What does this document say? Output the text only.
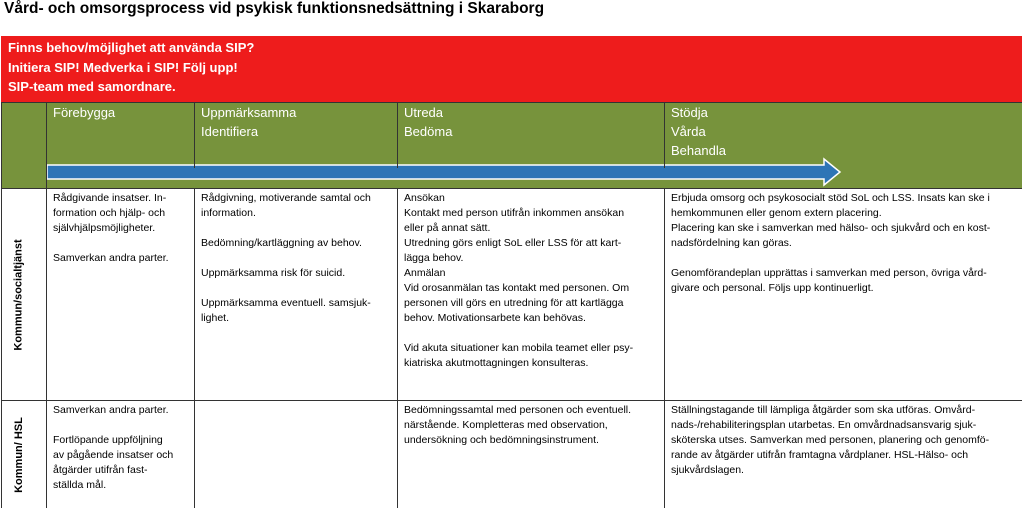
Vård- och omsorgsprocess vid psykisk funktionsnedsättning i Skaraborg
Finns behov/möjlighet att använda SIP?
Initiera SIP! Medverka i SIP! Följ upp!
SIP-team med samordnare.
Förebygga	Uppmärksamma
Identifiera
Utreda
Bedöma
Stödja
Vårda
Behandla
Kommun/socialtjänst
Kommun/ HSL
Rådgivande insatser. In-
formation och hjälp- och
självhjälpsmöjligheter.
Samverkan andra parter.
Rådgivning, motiverande samtal och
information.
Bedömning/kartläggning av behov.
Uppmärksamma risk för suicid.
Uppmärksamma eventuell. samsjuk-
lighet.
Ansökan
Kontakt med person utifrån inkommen ansökan
eller på annat sätt.
Utredning görs enligt SoL eller LSS för att kart-
lägga behov.
Anmälan
Vid orosanmälan tas kontakt med personen. Om
personen vill görs en utredning för att kartlägga
behov. Motivationsarbete kan behövas.
Vid akuta situationer kan mobila teamet eller psy-
kiatriska akutmottagningen konsulteras.
Erbjuda omsorg och psykosocialt stöd SoL och LSS. Insats kan ske i
hemkommunen eller genom extern placering.
Placering kan ske i samverkan med hälso- och sjukvård och en kost-
nadsfördelning kan göras.
Genomförandeplan upprättas i samverkan med person, övriga vård-
givare och personal. Följs upp kontinuerligt.
Samverkan andra parter.
Fortlöpande uppföljning
av pågående insatser och
åtgärder utifrån fast-
ställda mål.
Bedömningssamtal med personen och eventuell.
närstående. Kompletteras med observation,
undersökning och bedömningsinstrument.
Ställningstagande till lämpliga åtgärder som ska utföras. Omvård-
nads-/rehabiliteringsplan utarbetas. En omvårdnadsansvarig sjuk-
sköterska utses. Samverkan med personen, planering och genomfö-
rande av åtgärder utifrån framtagna vårdplaner. HSL-Hälso- och
sjukvårdslagen.
